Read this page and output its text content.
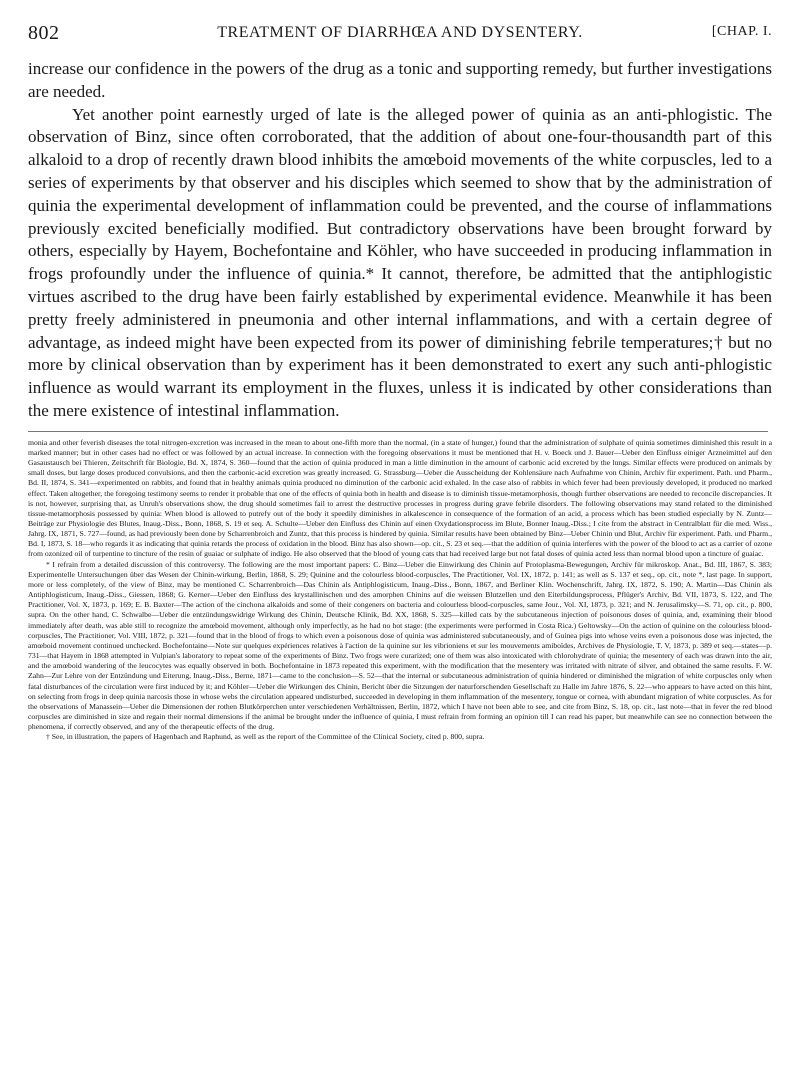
802	TREATMENT OF DIARRHŒA AND DYSENTERY.	[CHAP. I.

increase our confidence in the powers of the drug as a tonic and supporting remedy, but further investigations are needed.

Yet another point earnestly urged of late is the alleged power of quinia as an anti-phlogistic. The observation of Binz, since often corroborated, that the addition of about one-four-thousandth part of this alkaloid to a drop of recently drawn blood inhibits the amœboid movements of the white corpuscles, led to a series of experiments by that observer and his disciples which seemed to show that by the administration of quinia the experimental development of inflammation could be prevented, and the course of inflammations previously excited beneficially modified. But contradictory observations have been brought forward by others, especially by Hayem, Bochefontaine and Köhler, who have succeeded in producing inflammation in frogs profoundly under the influence of quinia.* It cannot, therefore, be admitted that the antiphlogistic virtues ascribed to the drug have been fairly established by experimental evidence. Meanwhile it has been pretty freely administered in pneumonia and other internal inflammations, and with a certain degree of advantage, as indeed might have been expected from its power of diminishing febrile temperatures;† but no more by clinical observation than by experiment has it been demonstrated to exert any such anti-phlogistic influence as would warrant its employment in the fluxes, unless it is indicated by other considerations than the mere existence of intestinal inflammation.

monia and other feverish diseases the total nitrogen-excretion was increased in the mean to about one-fifth more than the normal, (in a state of hunger,) found that the administration of sulphate of quinia sometimes diminished this result in a marked manner; but in other cases had no effect or was followed by an actual increase. In connection with the foregoing observations it must be mentioned that H. v. Boeck und J. Bauer—Ueber den Einfluss einiger Arzneimittel auf den Gasaustausch bei Thieren, Zeitschrift für Biologie, Bd. X, 1874, S. 360—found that the action of quinia produced in man a little diminution in the amount of carbonic acid excreted by the lungs. Similar effects were produced on animals by small doses, but large doses produced convulsions, and then the carbonic-acid excretion was greatly increased. G. Strassburg—Ueber die Ausscheidung der Kohlensäure nach Aufnahme von Chinin, Archiv für experiment. Path. und Pharm., Bd. II, 1874, S. 341—experimented on rabbits, and found that in healthy animals quinia produced no diminution of the carbonic acid exhaled. In the case also of rabbits in which fever had been previously developed, it produced no marked effect. Taken altogether, the foregoing testimony seems to render it probable that one of the effects of quinia both in health and disease is to diminish tissue-metamorphosis, though further observations are needed to reconcile discrepancies. It is not, however, surprising that, as Unruh's observations show, the drug should sometimes fail to arrest the destructive processes in progress during grave febrile disorders. The following observations may stand related to the diminished tissue-metamorphosis possessed by quinia: When blood is allowed to putrefy out of the body it speedily diminishes in alkalescence in consequence of the formation of an acid, a process which has been studied especially by N. Zuntz—Beiträge zur Physiologie des Blutes, Inaug.-Diss., Bonn, 1868, S. 19 et seq. A. Schulte—Ueber den Einfluss des Chinin auf einen Oxydationsprocess im Blute, Bonner Inaug.-Diss.; I cite from the abstract in Centralblatt für die med. Wiss., Jahrg. IX, 1871, S. 727—found, as had previously been done by Scharrenbroich and Zuntz, that this process is hindered by quinia. Similar results have been obtained by Binz—Ueber Chinin und Blut, Archiv für experiment. Path. und Pharm., Bd. I, 1873, S. 18—who regards it as indicating that quinia retards the process of oxidation in the blood. Binz has also shown—op. cit., S. 23 et seq.—that the addition of quinia interferes with the power of the blood to act as a carrier of ozone from ozonized oil of turpentine to tincture of the resin of guaiac or sulphate of indigo. He also observed that the blood of young cats that had received large but not fatal doses of quinia acted less than normal blood upon a tincture of guaiac.

* I refrain from a detailed discussion of this controversy. The following are the most important papers: C. Binz—Ueber die Einwirkung des Chinin auf Protoplasma-Bewegungen, Archiv für mikroskop. Anat., Bd. III, 1867, S. 383; Experimentelle Untersuchungen über das Wesen der Chinin-wirkung, Berlin, 1868, S. 29; Quinine and the colourless blood-corpuscles, The Practitioner, Vol. IX, 1872, p. 141; as well as S. 137 et seq., op. cit., note *, last page. In support, more or less completely, of the view of Binz, may be mentioned C. Scharrenbroich—Das Chinin als Antiphlogisticum, Inaug.-Diss., Bonn, 1867, and Berliner Klin. Wochenschrift, Jahrg. IX, 1872, S. 190; A. Martin—Das Chinin als Antiphlogisticum, Inaug.-Diss., Giessen, 1868; G. Kerner—Ueber den Einfluss des krystallinischen und des amorphen Chinins auf die weissen Blutzellen und den Eiterbildungsprocess, Pflüger's Archiv, Bd. VII, 1873, S. 122, and The Practitioner, Vol. X, 1873, p. 169; E. B. Baxter—The action of the cinchona alkaloids and some of their congeners on bacteria and colourless blood-corpuscles, same Jour., Vol. XI, 1873, p. 321; and N. Jerusalimsky—S. 71, op. cit., p. 800, supra. On the other hand, C. Schwalbe—Ueber die entzündungswidrige Wirkung des Chinin, Deutsche Klinik, Bd. XX, 1868, S. 325—killed cats by the subcutaneous injection of poisonous doses of quinia, and, examining their blood immediately after death, was able still to recognize the amœboid movement, although only imperfectly, as he had no hot stage: (the experiments were performed in Costa Rica.) Geltowsky—On the action of quinine on the colourless blood-corpuscles, The Practitioner, Vol. VIII, 1872, p. 321—found that in the blood of frogs to which even a poisonous dose of quinia was administered subcutaneously, and of Guinea pigs into whose veins even a poisonous dose was injected, the amœboid movement continued unchecked. Bochefontaine—Note sur quelques expériences relatives à l'action de la quinine sur les vibrioniens et sur les mouvements amiboïdes, Archives de Physiologie, T. V, 1873, p. 389 et seq.—states—p. 731—that Hayem in 1868 attempted in Vulpian's laboratory to repeat some of the experiments of Binz. Two frogs were curarized; one of them was also intoxicated with chlorohydrate of quinia; the mesentery of each was drawn into the air, and the amœboid wandering of the leucocytes was equally observed in both. Bochefontaine in 1873 repeated this experiment, with the modification that the mesentery was irritated with nitrate of silver, and obtained the same results. F. W. Zahn—Zur Lehre von der Entzündung und Eiterung, Inaug.-Diss., Berne, 1871—came to the conclusion—S. 52—that the internal or subcutaneous administration of quinia hindered or diminished the migration of white corpuscles only when fatal disturbances of the circulation were first induced by it; and Köhler—Ueber die Wirkungen des Chinin, Bericht über die Sitzungen der naturforschenden Gesellschaft zu Halle im Jahre 1876, S. 22—who appears to have acted on this hint, on selecting from frogs in deep quinia narcosis those in whose webs the circulation appeared undisturbed, succeeded in developing in them inflammation of the mesentery, tongue or cornea, with abundant migration of white corpuscles. As for the observations of Manassein—Ueber die Dimensionen der rothen Blutkörperchen unter verschiedenen Verhältnissen, Berlin, 1872, which I have not been able to see, and cite from Binz, S. 18, op. cit., last note—that in fever the red blood corpuscles are diminished in size and regain their normal dimensions if the animal be brought under the influence of quinia, I must refrain from forming an opinion till I can read his paper, but meanwhile can see no connection between the phenomena, if correctly observed, and any of the therapeutic effects of the drug.

† See, in illustration, the papers of Hagenbach and Raphund, as well as the report of the Committee of the Clinical Society, cited p. 800, supra.
